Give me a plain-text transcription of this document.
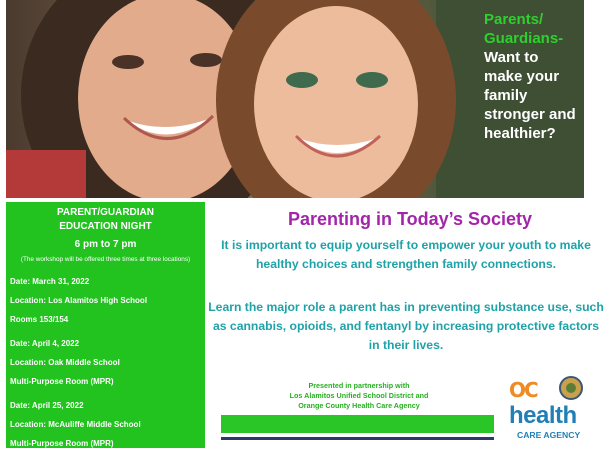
Parents/
Guardians-
Want to
make your
family
stronger and
healthier?
PARENT/GUARDIAN
EDUCATION NIGHT
6 pm to 7 pm
(The workshop will be offered three times at three locations)
Date: March 31, 2022
Location: Los Alamitos High School
Rooms 153/154
Date: April 4, 2022
Location: Oak Middle School
Multi-Purpose Room (MPR)
Date: April 25, 2022
Location: McAuliffe Middle School
Multi-Purpose Room (MPR)
Parenting in Today’s Society
It is important to equip yourself to empower your youth to make healthy choices and strengthen family connections.
Learn the major role a parent has in preventing substance use, such as cannabis, opioids, and fentanyl by increasing protective factors in their lives.
Presented in partnership with
Los Alamitos Unified School District and
Orange County Health Care Agency
OC
health
CARE AGENCY
